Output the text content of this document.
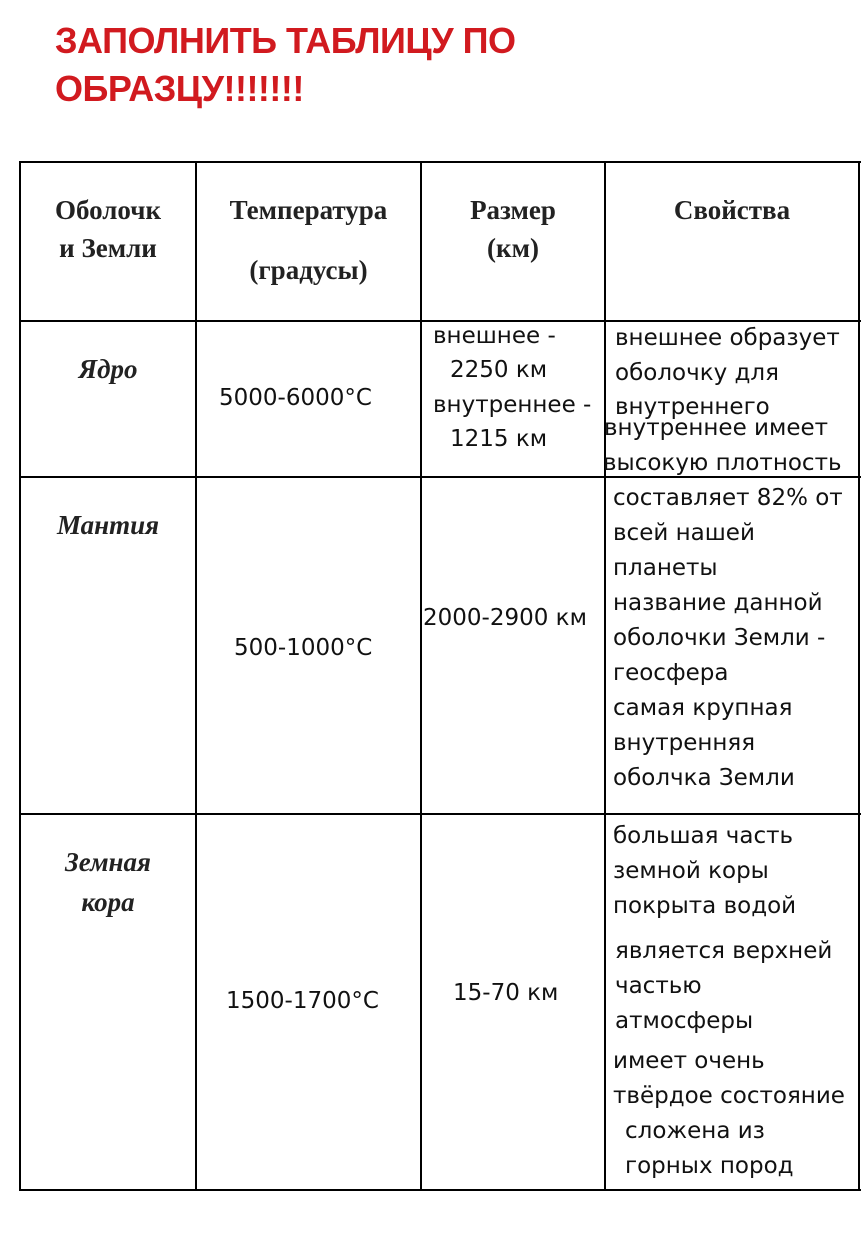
ЗАПОЛНИТЬ ТАБЛИЦУ ПО
ОБРАЗЦУ!!!!!!!
Оболочк
и Земли
Температура
(градусы)
Размер
(км)
Свойства
Ядро
5000-6000°C
внешнее -
2250 км
внутреннее -
1215 км
внешнее образует
оболочку для
внутреннего
внутреннее имеет
высокую плотность
Мантия
500-1000°C
2000-2900 км
составляет 82% от
всей нашей
планеты
название данной
оболочки Земли -
геосфера
самая крупная
внутренняя
оболчка Земли
Земная
кора
1500-1700°C	15-70 км
большая часть
земной коры
покрыта водой
является верхней
частью
атмосферы
имеет очень
твёрдое состояние
сложена из
горных пород
